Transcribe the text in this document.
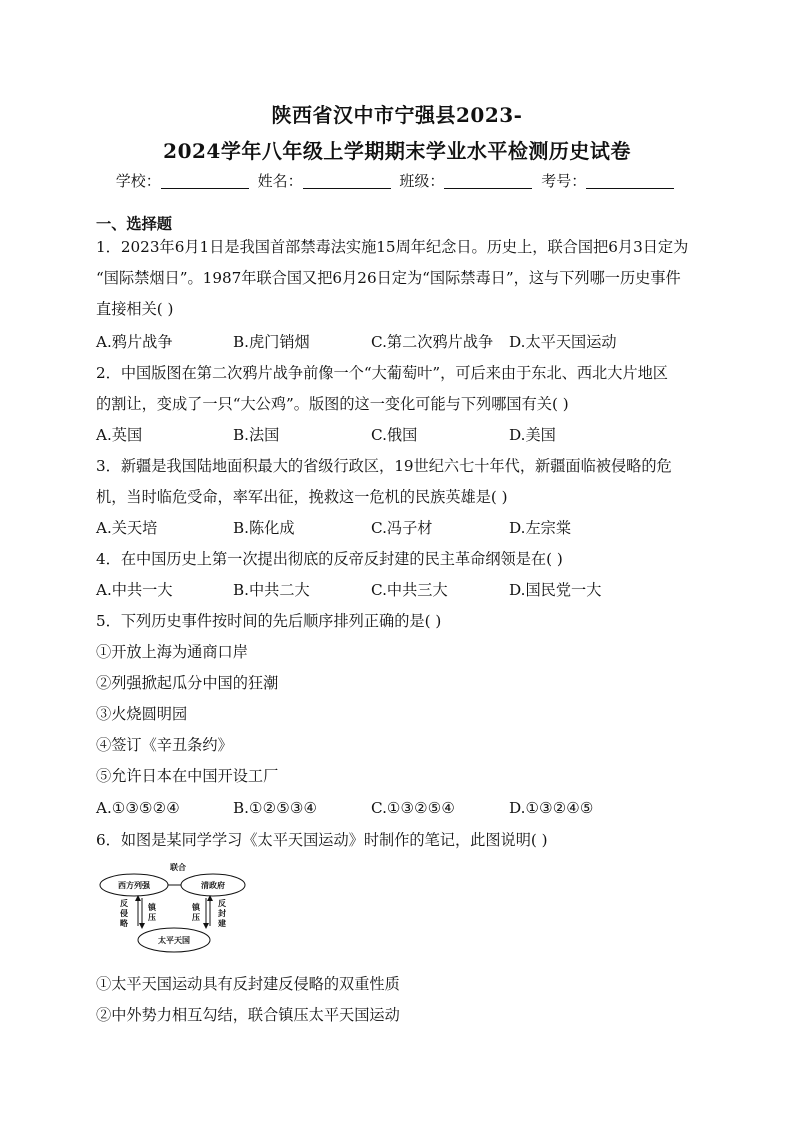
陕西省汉中市宁强县2023-
2024学年八年级上学期期末学业水平检测历史试卷
学校：	姓名：	班级：	考号：
一、选择题
1．2023年6月1日是我国首部禁毒法实施15周年纪念日。历史上，联合国把6月3日定为
“国际禁烟日”。1987年联合国又把6月26日定为“国际禁毒日”，这与下列哪一历史事件
直接相关( )
A.鸦片战争	B.虎门销烟	C.第二次鸦片战争 D.太平天国运动
2．中国版图在第二次鸦片战争前像一个“大葡萄叶”，可后来由于东北、西北大片地区
的割让，变成了一只“大公鸡”。版图的这一变化可能与下列哪国有关( )
A.英国	B.法国	C.俄国	D.美国
3．新疆是我国陆地面积最大的省级行政区，19世纪六七十年代，新疆面临被侵略的危
机，当时临危受命，率军出征，挽救这一危机的民族英雄是( )
A.关天培	B.陈化成	C.冯子材	D.左宗棠
4．在中国历史上第一次提出彻底的反帝反封建的民主革命纲领是在( )
A.中共一大	B.中共二大	C.中共三大	D.国民党一大
5．下列历史事件按时间的先后顺序排列正确的是( )
①开放上海为通商口岸
②列强掀起瓜分中国的狂潮
③火烧圆明园
④签订《辛丑条约》
⑤允许日本在中国开设工厂
A.①③⑤②④	B.①②⑤③④	C.①③②⑤④	D.①③②④⑤
6．如图是某同学学习《太平天国运动》时制作的笔记，此图说明( )
联合
西方列强	清政府
太平天国
反
侵
略
镇
压
镇
压
反
封
建
①太平天国运动具有反封建反侵略的双重性质
②中外势力相互勾结，联合镇压太平天国运动
